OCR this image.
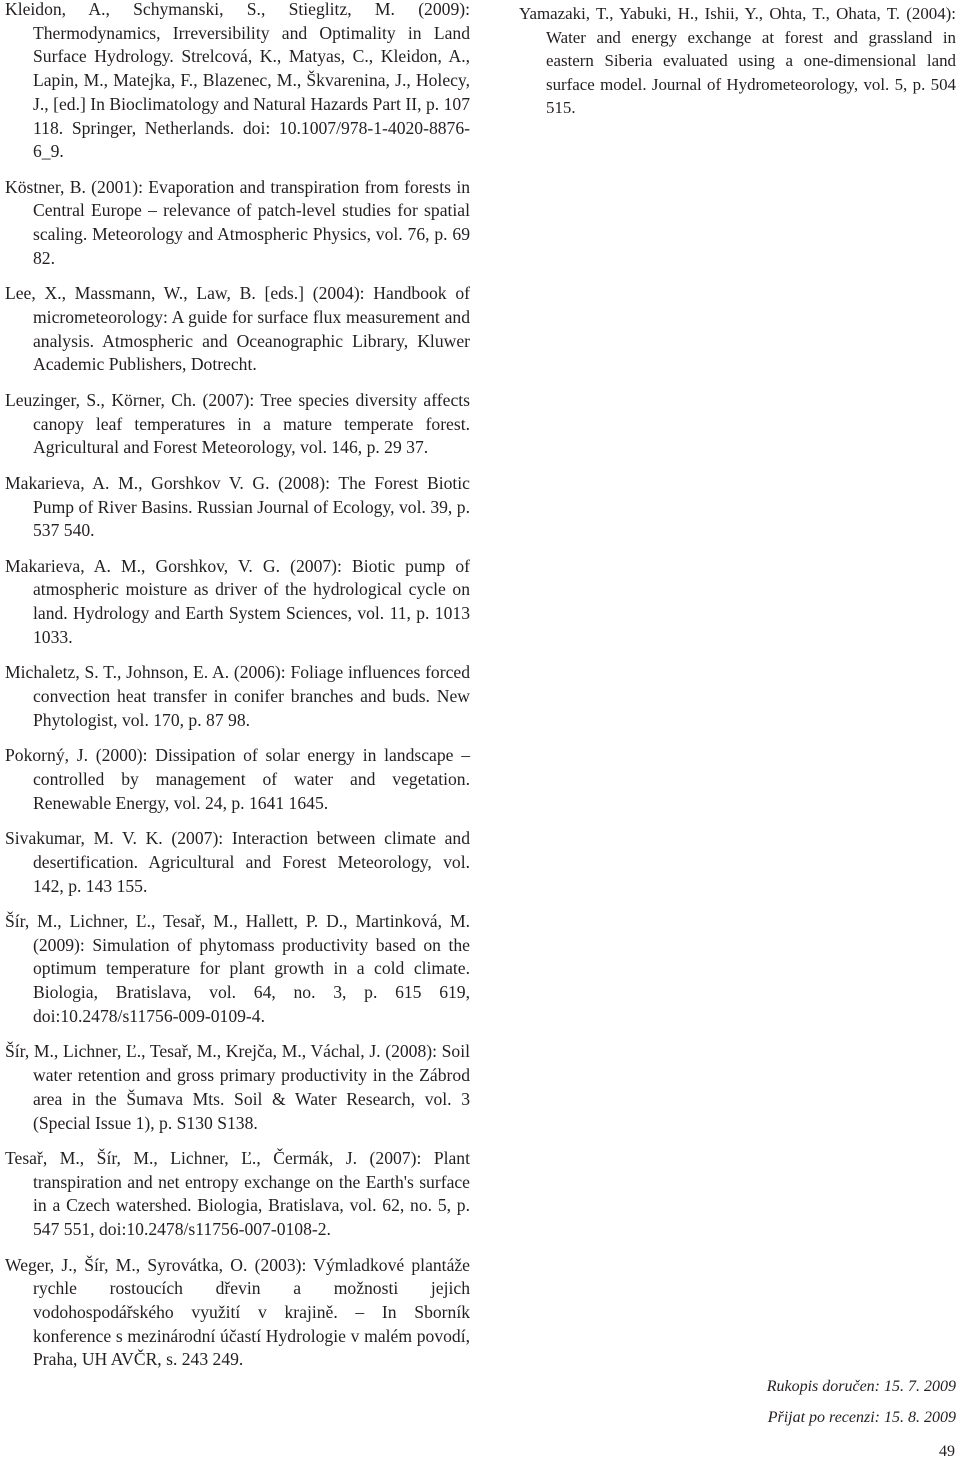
Kleidon, A., Schymanski, S., Stieglitz, M. (2009): Thermodynamics, Irreversibility and Optimality in Land Surface Hydrology. Strelcová, K., Matyas, C., Kleidon, A., Lapin, M., Matejka, F., Blazenec, M., Škvarenina, J., Holecy, J., [ed.] In Bioclimatology and Natural Hazards Part II, p. 107 118. Springer, Netherlands. doi: 10.1007/978-1-4020-8876-6_9.

Köstner, B. (2001): Evaporation and transpiration from forests in Central Europe – relevance of patch-level studies for spatial scaling. Meteorology and Atmospheric Physics, vol. 76, p. 69 82.

Lee, X., Massmann, W., Law, B. [eds.] (2004): Handbook of micrometeorology: A guide for surface flux measurement and analysis. Atmospheric and Oceanographic Library, Kluwer Academic Publishers, Dotrecht.

Leuzinger, S., Körner, Ch. (2007): Tree species diversity affects canopy leaf temperatures in a mature temperate forest. Agricultural and Forest Meteorology, vol. 146, p. 29 37.

Makarieva, A. M., Gorshkov V. G. (2008): The Forest Biotic Pump of River Basins. Russian Journal of Ecology, vol. 39, p. 537 540.

Makarieva, A. M., Gorshkov, V. G. (2007): Biotic pump of atmospheric moisture as driver of the hydrological cycle on land. Hydrology and Earth System Sciences, vol. 11, p. 1013 1033.

Michaletz, S. T., Johnson, E. A. (2006): Foliage influences forced convection heat transfer in conifer branches and buds. New Phytologist, vol. 170, p. 87 98.

Pokorný, J. (2000): Dissipation of solar energy in landscape – controlled by management of water and vegetation. Renewable Energy, vol. 24, p. 1641 1645.

Sivakumar, M. V. K. (2007): Interaction between climate and desertification. Agricultural and Forest Meteorology, vol. 142, p. 143 155.

Šír, M., Lichner, Ľ., Tesař, M., Hallett, P. D., Martinková, M. (2009): Simulation of phytomass productivity based on the optimum temperature for plant growth in a cold climate. Biologia, Bratislava, vol. 64, no. 3, p. 615 619, doi:10.2478/s11756-009-0109-4.

Šír, M., Lichner, Ľ., Tesař, M., Krejča, M., Váchal, J. (2008): Soil water retention and gross primary productivity in the Zábrod area in the Šumava Mts. Soil & Water Research, vol. 3 (Special Issue 1), p. S130 S138.

Tesař, M., Šír, M., Lichner, Ľ., Čermák, J. (2007): Plant transpiration and net entropy exchange on the Earth's surface in a Czech watershed. Biologia, Bratislava, vol. 62, no. 5, p. 547 551, doi:10.2478/s11756-007-0108-2.

Weger, J., Šír, M., Syrovátka, O. (2003): Výmladkové plantáže rychle rostoucích dřevin a možnosti jejich vodohospodářského využití v krajině. – In Sborník konference s mezinárodní účastí Hydrologie v malém povodí, Praha, UH AVČR, s. 243 249.

Yamazaki, T., Yabuki, H., Ishii, Y., Ohta, T., Ohata, T. (2004): Water and energy exchange at forest and grassland in eastern Siberia evaluated using a one-dimensional land surface model. Journal of Hydrometeorology, vol. 5, p. 504 515.

Rukopis doručen: 15. 7. 2009
Přijat po recenzi: 15. 8. 2009
49
